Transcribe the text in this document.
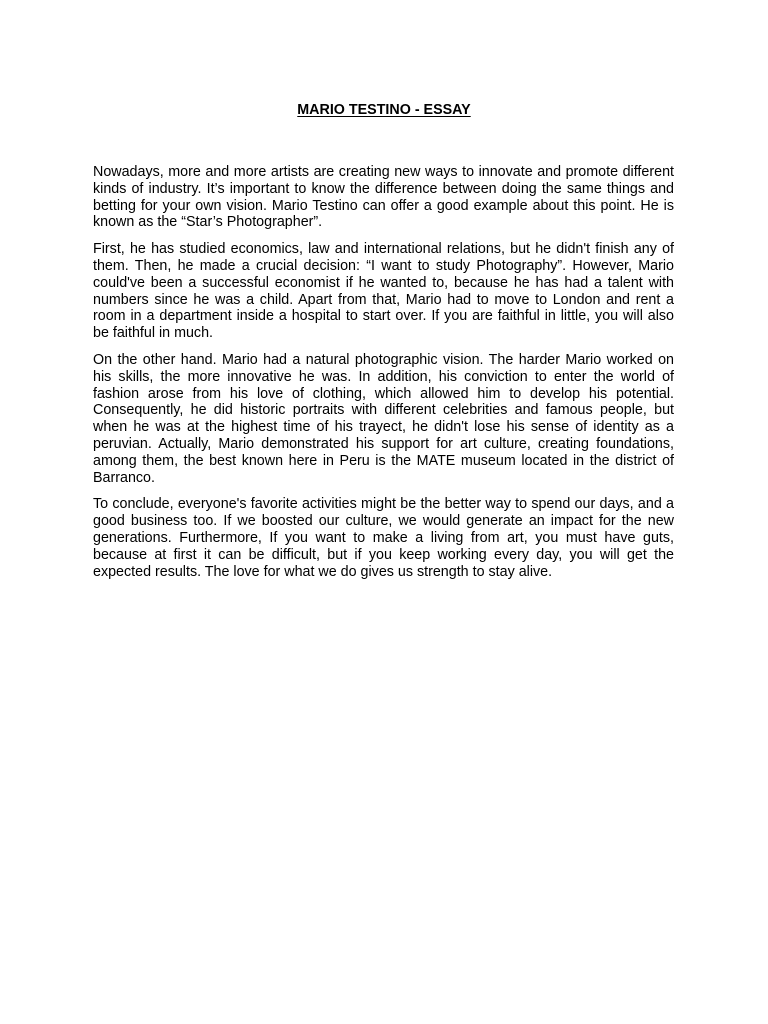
MARIO TESTINO - ESSAY

Nowadays, more and more artists are creating new ways to innovate and promote different kinds of industry. It’s important to know the difference between doing the same things and betting for your own vision. Mario Testino can offer a good example about this point. He is known as the “Star’s Photographer”.

First, he has studied economics, law and international relations, but he didn't finish any of them. Then, he made a crucial decision: “I want to study Photography”. However, Mario could've been a successful economist if he wanted to, because he has had a talent with numbers since he was a child. Apart from that, Mario had to move to London and rent a room in a department inside a hospital to start over. If you are faithful in little, you will also be faithful in much.

On the other hand. Mario had a natural photographic vision. The harder Mario worked on his skills, the more innovative he was. In addition, his conviction to enter the world of fashion arose from his love of clothing, which allowed him to develop his potential. Consequently, he did historic portraits with different celebrities and famous people, but when he was at the highest time of his trayect, he didn't lose his sense of identity as a peruvian. Actually, Mario demonstrated his support for art culture, creating foundations, among them, the best known here in Peru is the MATE museum located in the district of Barranco.

To conclude, everyone's favorite activities might be the better way to spend our days, and a good business too. If we boosted our culture, we would generate an impact for the new generations. Furthermore, If you want to make a living from art, you must have guts, because at first it can be difficult, but if you keep working every day, you will get the expected results. The love for what we do gives us strength to stay alive.
